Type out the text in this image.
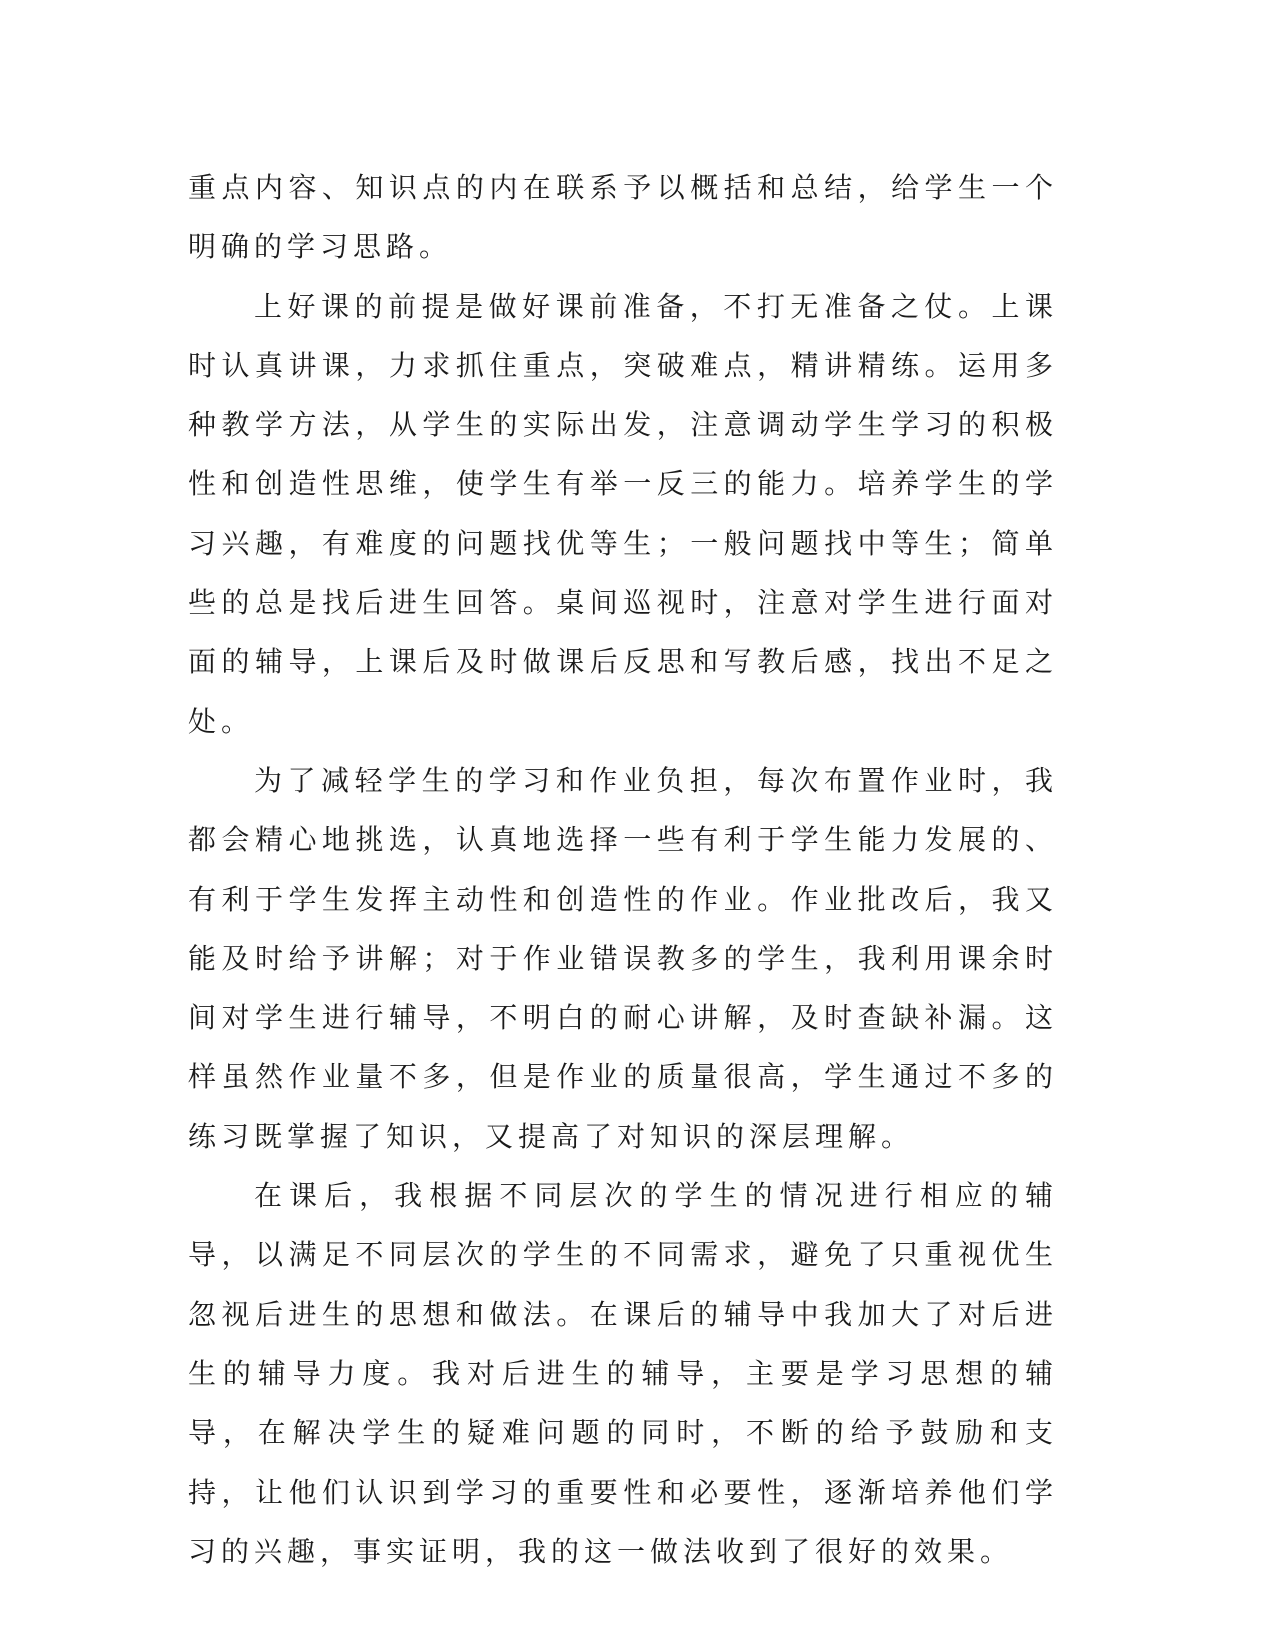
重点内容、知识点的内在联系予以概括和总结，给学生一个明确的学习思路。

上好课的前提是做好课前准备，不打无准备之仗。上课时认真讲课，力求抓住重点，突破难点，精讲精练。运用多种教学方法，从学生的实际出发，注意调动学生学习的积极性和创造性思维，使学生有举一反三的能力。培养学生的学习兴趣，有难度的问题找优等生；一般问题找中等生；简单些的总是找后进生回答。桌间巡视时，注意对学生进行面对面的辅导，上课后及时做课后反思和写教后感，找出不足之处。

为了减轻学生的学习和作业负担，每次布置作业时，我都会精心地挑选，认真地选择一些有利于学生能力发展的、有利于学生发挥主动性和创造性的作业。作业批改后，我又能及时给予讲解；对于作业错误教多的学生，我利用课余时间对学生进行辅导，不明白的耐心讲解，及时查缺补漏。这样虽然作业量不多，但是作业的质量很高，学生通过不多的练习既掌握了知识，又提高了对知识的深层理解。

在课后，我根据不同层次的学生的情况进行相应的辅导，以满足不同层次的学生的不同需求，避免了只重视优生忽视后进生的思想和做法。在课后的辅导中我加大了对后进生的辅导力度。我对后进生的辅导，主要是学习思想的辅导，在解决学生的疑难问题的同时，不断的给予鼓励和支持，让他们认识到学习的重要性和必要性，逐渐培养他们学习的兴趣，事实证明，我的这一做法收到了很好的效果。
